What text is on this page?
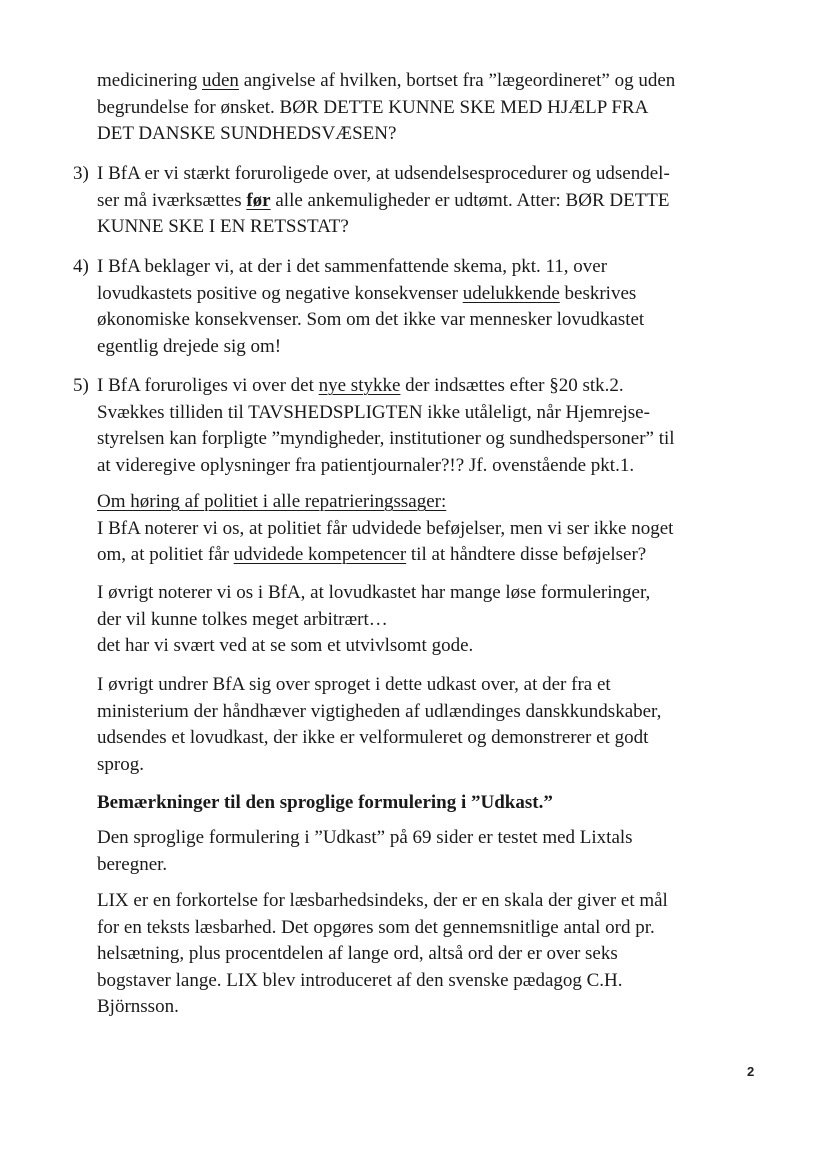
medicinering uden angivelse af hvilken, bortset fra ”lægeordineret” og uden
begrundelse for ønsket. BØR DETTE KUNNE SKE MED HJÆLP FRA
DET DANSKE SUNDHEDSVÆSEN?
3) I BfA er vi stærkt foruroligede over, at udsendelsesprocedurer og udsendel-
ser må iværksættes før alle ankemuligheder er udtømt. Atter: BØR DETTE
KUNNE SKE I EN RETSSTAT?
4) I BfA beklager vi, at der i det sammenfattende skema, pkt. 11, over
lovudkastets positive og negative konsekvenser udelukkende beskrives
økonomiske konsekvenser. Som om det ikke var mennesker lovudkastet
egentlig drejede sig om!
5) I BfA foruroliges vi over det nye stykke der indsættes efter §20 stk.2.
Svækkes tilliden til TAVSHEDSPLIGTEN ikke utåleligt, når Hjemrejse-
styrelsen kan forpligte ”myndigheder, institutioner og sundhedspersoner” til
at videregive oplysninger fra patientjournaler?!? Jf. ovenstående pkt.1.
Om høring af politiet i alle repatrieringssager:
I BfA noterer vi os, at politiet får udvidede beføjelser, men vi ser ikke noget
om, at politiet får udvidede kompetencer til at håndtere disse beføjelser?
I øvrigt noterer vi os i BfA, at lovudkastet har mange løse formuleringer,
der vil kunne tolkes meget arbitrært…
det har vi svært ved at se som et utvivlsomt gode.
I øvrigt undrer BfA sig over sproget i dette udkast over, at der fra et
ministerium der håndhæver vigtigheden af udlændinges danskkundskaber,
udsendes et lovudkast, der ikke er velformuleret og demonstrerer et godt
sprog.
Bemærkninger til den sproglige formulering i ”Udkast.”
Den sproglige formulering i ”Udkast” på 69 sider er testet med Lixtals
beregner.
LIX er en forkortelse for læsbarhedsindeks, der er en skala der giver et mål
for en teksts læsbarhed. Det opgøres som det gennemsnitlige antal ord pr.
helsætning, plus procentdelen af lange ord, altså ord der er over seks
bogstaver lange. LIX blev introduceret af den svenske pædagog C.H.
Björnsson.
2
